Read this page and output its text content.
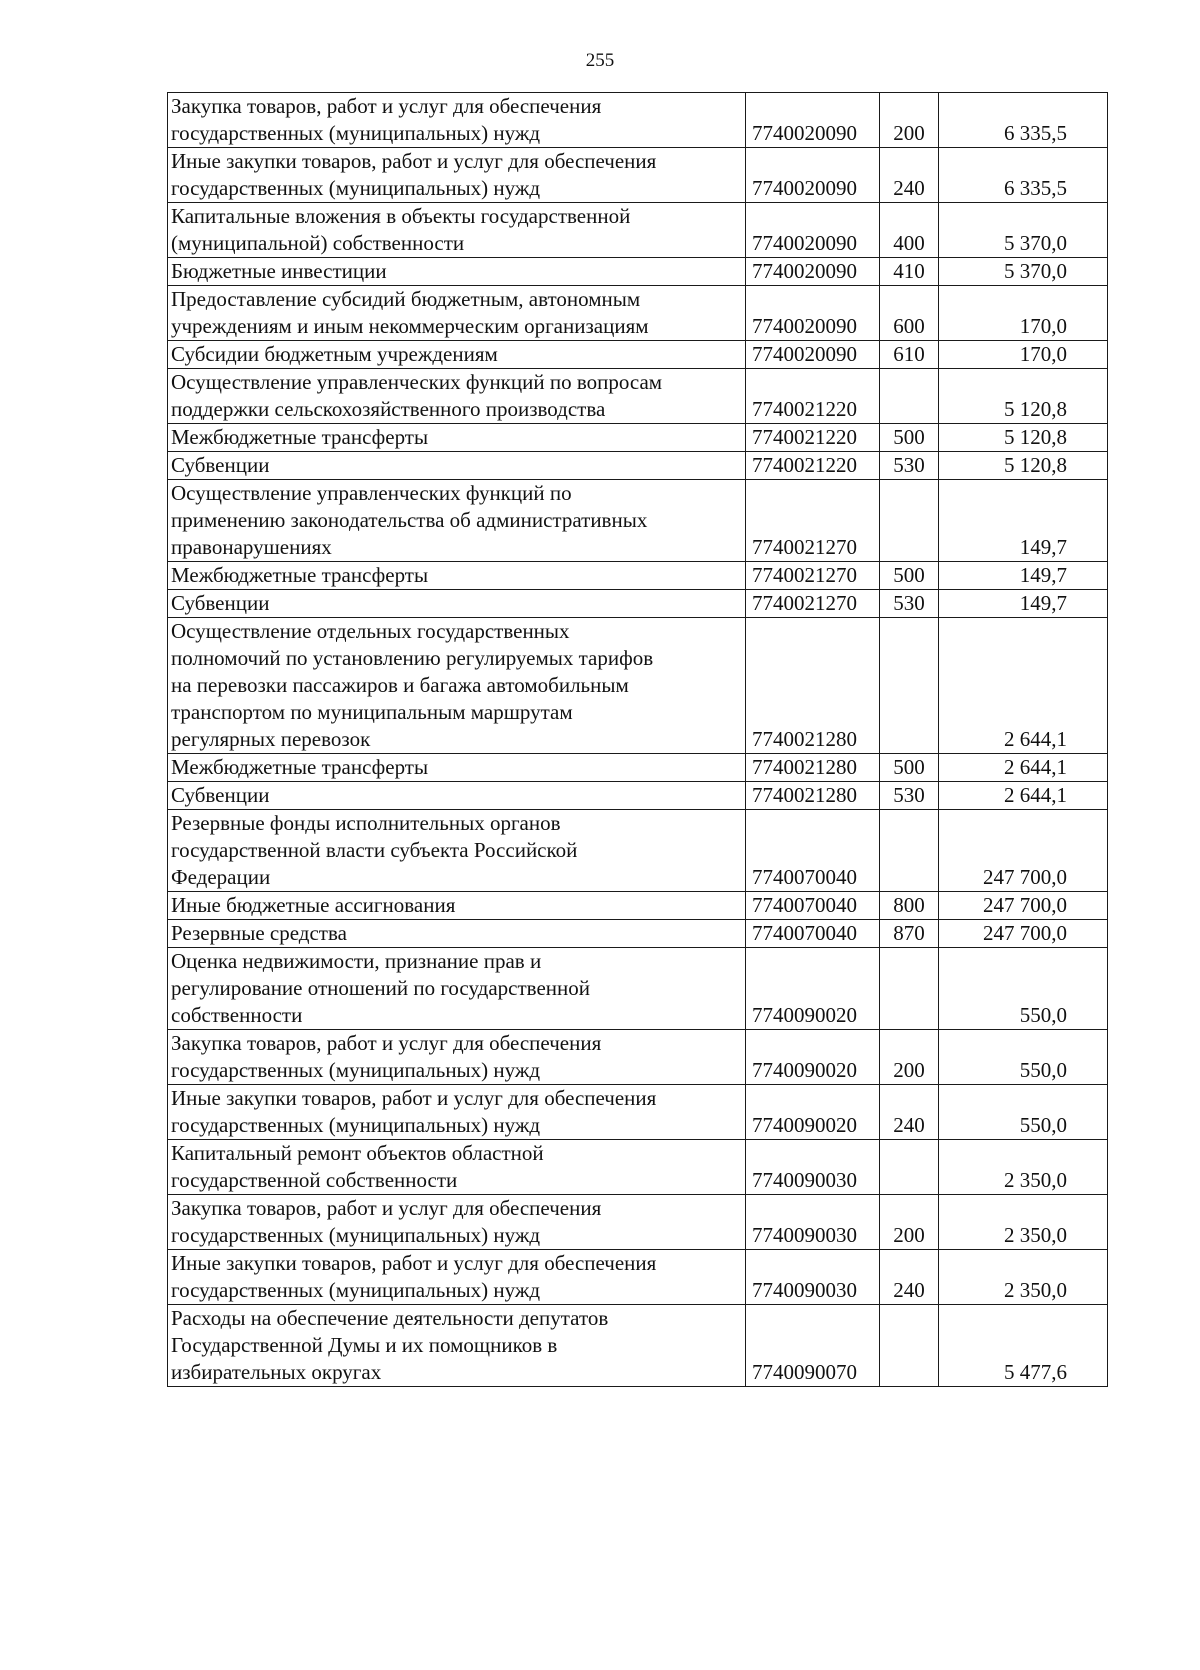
255
Закупка товаров, работ и услуг для обеспечения
государственных (муниципальных) нужд	7740020090	200	6 335,5
Иные закупки товаров, работ и услуг для обеспечения
государственных (муниципальных) нужд	7740020090	240	6 335,5
Капитальные вложения в объекты государственной
(муниципальной) собственности	7740020090	400	5 370,0
Бюджетные инвестиции	7740020090	410	5 370,0
Предоставление субсидий бюджетным, автономным
учреждениям и иным некоммерческим организациям	7740020090	600	170,0
Субсидии бюджетным учреждениям	7740020090	610	170,0
Осуществление управленческих функций по вопросам
поддержки сельскохозяйственного производства	7740021220		5 120,8
Межбюджетные трансферты	7740021220	500	5 120,8
Субвенции	7740021220	530	5 120,8
Осуществление управленческих функций по
применению законодательства об административных
правонарушениях	7740021270		149,7
Межбюджетные трансферты	7740021270	500	149,7
Субвенции	7740021270	530	149,7
Осуществление отдельных государственных
полномочий по установлению регулируемых тарифов
на перевозки пассажиров и багажа автомобильным
транспортом по муниципальным маршрутам
регулярных перевозок	7740021280		2 644,1
Межбюджетные трансферты	7740021280	500	2 644,1
Субвенции	7740021280	530	2 644,1
Резервные фонды исполнительных органов
государственной власти субъекта Российской
Федерации	7740070040		247 700,0
Иные бюджетные ассигнования	7740070040	800	247 700,0
Резервные средства	7740070040	870	247 700,0
Оценка недвижимости, признание прав и
регулирование отношений по государственной
собственности	7740090020		550,0
Закупка товаров, работ и услуг для обеспечения
государственных (муниципальных) нужд	7740090020	200	550,0
Иные закупки товаров, работ и услуг для обеспечения
государственных (муниципальных) нужд	7740090020	240	550,0
Капитальный ремонт объектов областной
государственной собственности	7740090030		2 350,0
Закупка товаров, работ и услуг для обеспечения
государственных (муниципальных) нужд	7740090030	200	2 350,0
Иные закупки товаров, работ и услуг для обеспечения
государственных (муниципальных) нужд	7740090030	240	2 350,0
Расходы на обеспечение деятельности депутатов
Государственной Думы и их помощников в
избирательных округах	7740090070		5 477,6
